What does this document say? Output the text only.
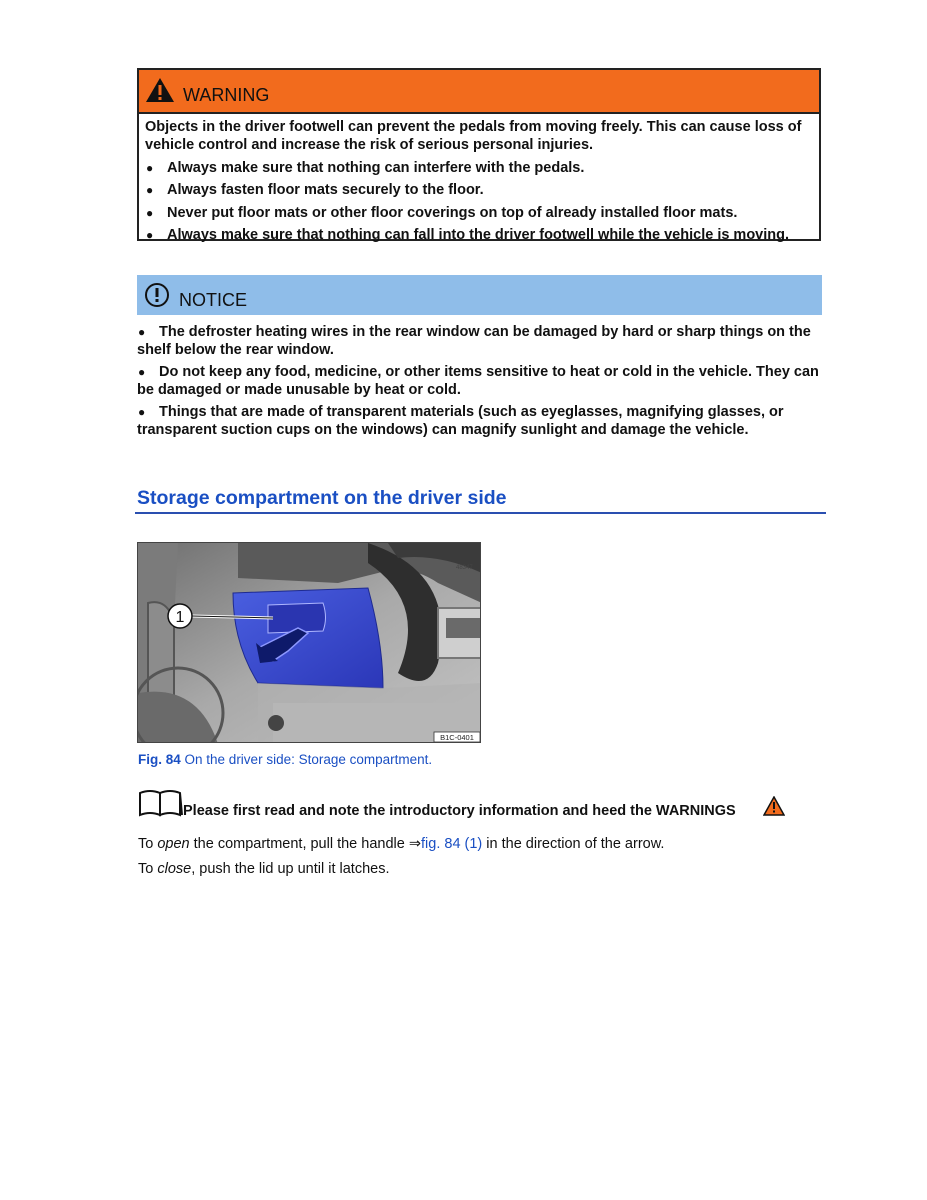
WARNING
Objects in the driver footwell can prevent the pedals from moving freely. This can cause loss of vehicle control and increase the risk of serious personal injuries.
● Always make sure that nothing can interfere with the pedals.
● Always fasten floor mats securely to the floor.
● Never put floor mats or other floor coverings on top of already installed floor mats.
● Always make sure that nothing can fall into the driver footwell while the vehicle is moving.
NOTICE
● The defroster heating wires in the rear window can be damaged by hard or sharp things on the shelf below the rear window.
● Do not keep any food, medicine, or other items sensitive to heat or cold in the vehicle. They can be damaged or made unusable by heat or cold.
● Things that are made of transparent materials (such as eyeglasses, magnifying glasses, or transparent suction cups on the windows) can magnify sunlight and damage the vehicle.
Storage compartment on the driver side
48347
1
B1C-0401
Fig. 84 On the driver side: Storage compartment.
Please first read and note the introductory information and heed the WARNINGS
To open the compartment, pull the handle ⇒fig. 84 (1) in the direction of the arrow.
To close, push the lid up until it latches.
